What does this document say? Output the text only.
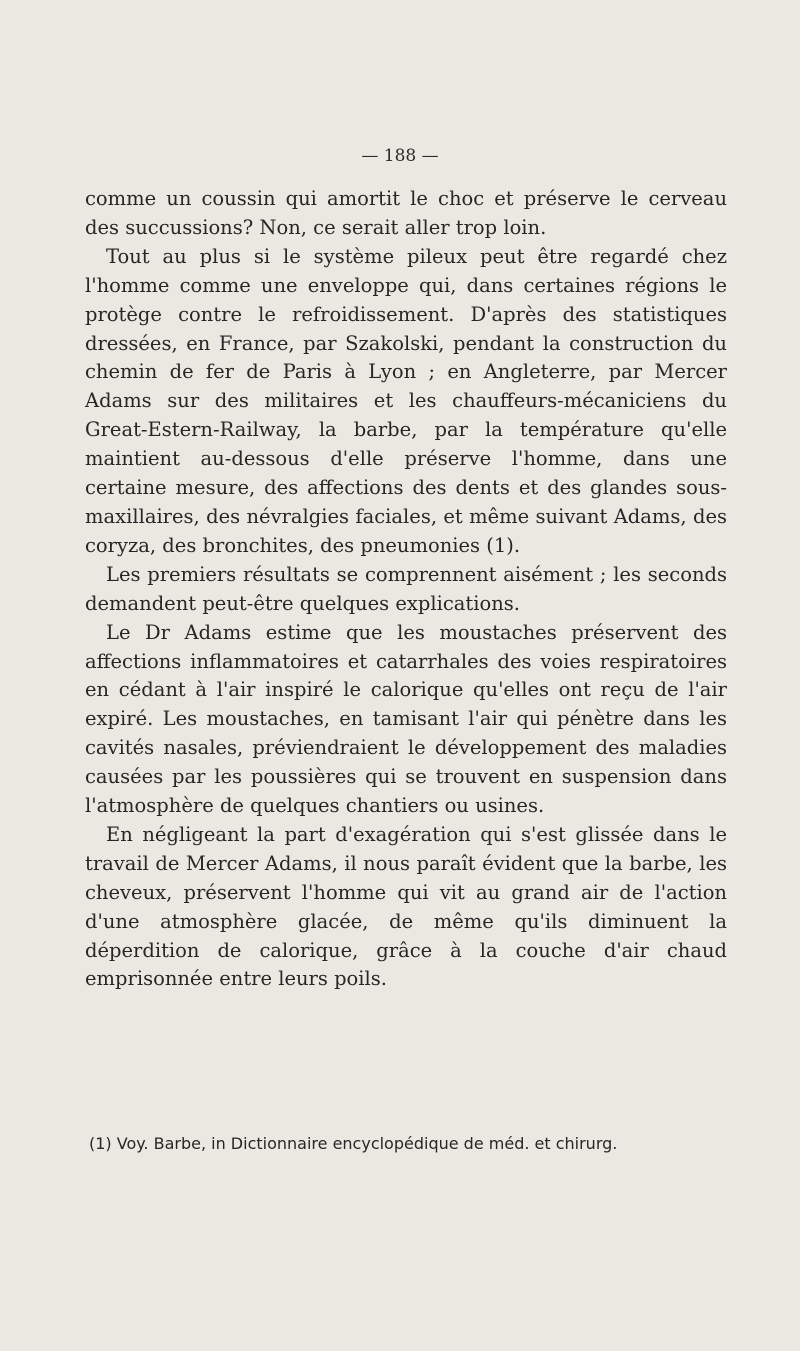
— 188 —

comme un coussin qui amortit le choc et préserve le cerveau des succussions? Non, ce serait aller trop loin.

Tout au plus si le système pileux peut être regardé chez l'homme comme une enveloppe qui, dans certaines régions le protège contre le refroidissement. D'après des statistiques dressées, en France, par Szakolski, pendant la construction du chemin de fer de Paris à Lyon ; en Angleterre, par Mercer Adams sur des militaires et les chauffeurs-mécaniciens du Great-Estern-Railway, la barbe, par la température qu'elle maintient au-dessous d'elle préserve l'homme, dans une certaine mesure, des affections des dents et des glandes sous-maxillaires, des névralgies faciales, et même suivant Adams, des coryza, des bronchites, des pneumonies (1).

Les premiers résultats se comprennent aisément ; les seconds demandent peut-être quelques explications.

Le Dr Adams estime que les moustaches préservent des affections inflammatoires et catarrhales des voies respiratoires en cédant à l'air inspiré le calorique qu'elles ont reçu de l'air expiré. Les moustaches, en tamisant l'air qui pénètre dans les cavités nasales, préviendraient le développement des maladies causées par les poussières qui se trouvent en suspension dans l'atmosphère de quelques chantiers ou usines.

En négligeant la part d'exagération qui s'est glissée dans le travail de Mercer Adams, il nous paraît évident que la barbe, les cheveux, préservent l'homme qui vit au grand air de l'action d'une atmosphère glacée, de même qu'ils diminuent la déperdition de calorique, grâce à la couche d'air chaud emprisonnée entre leurs poils.

(1) Voy. Barbe, in Dictionnaire encyclopédique de méd. et chirurg.
